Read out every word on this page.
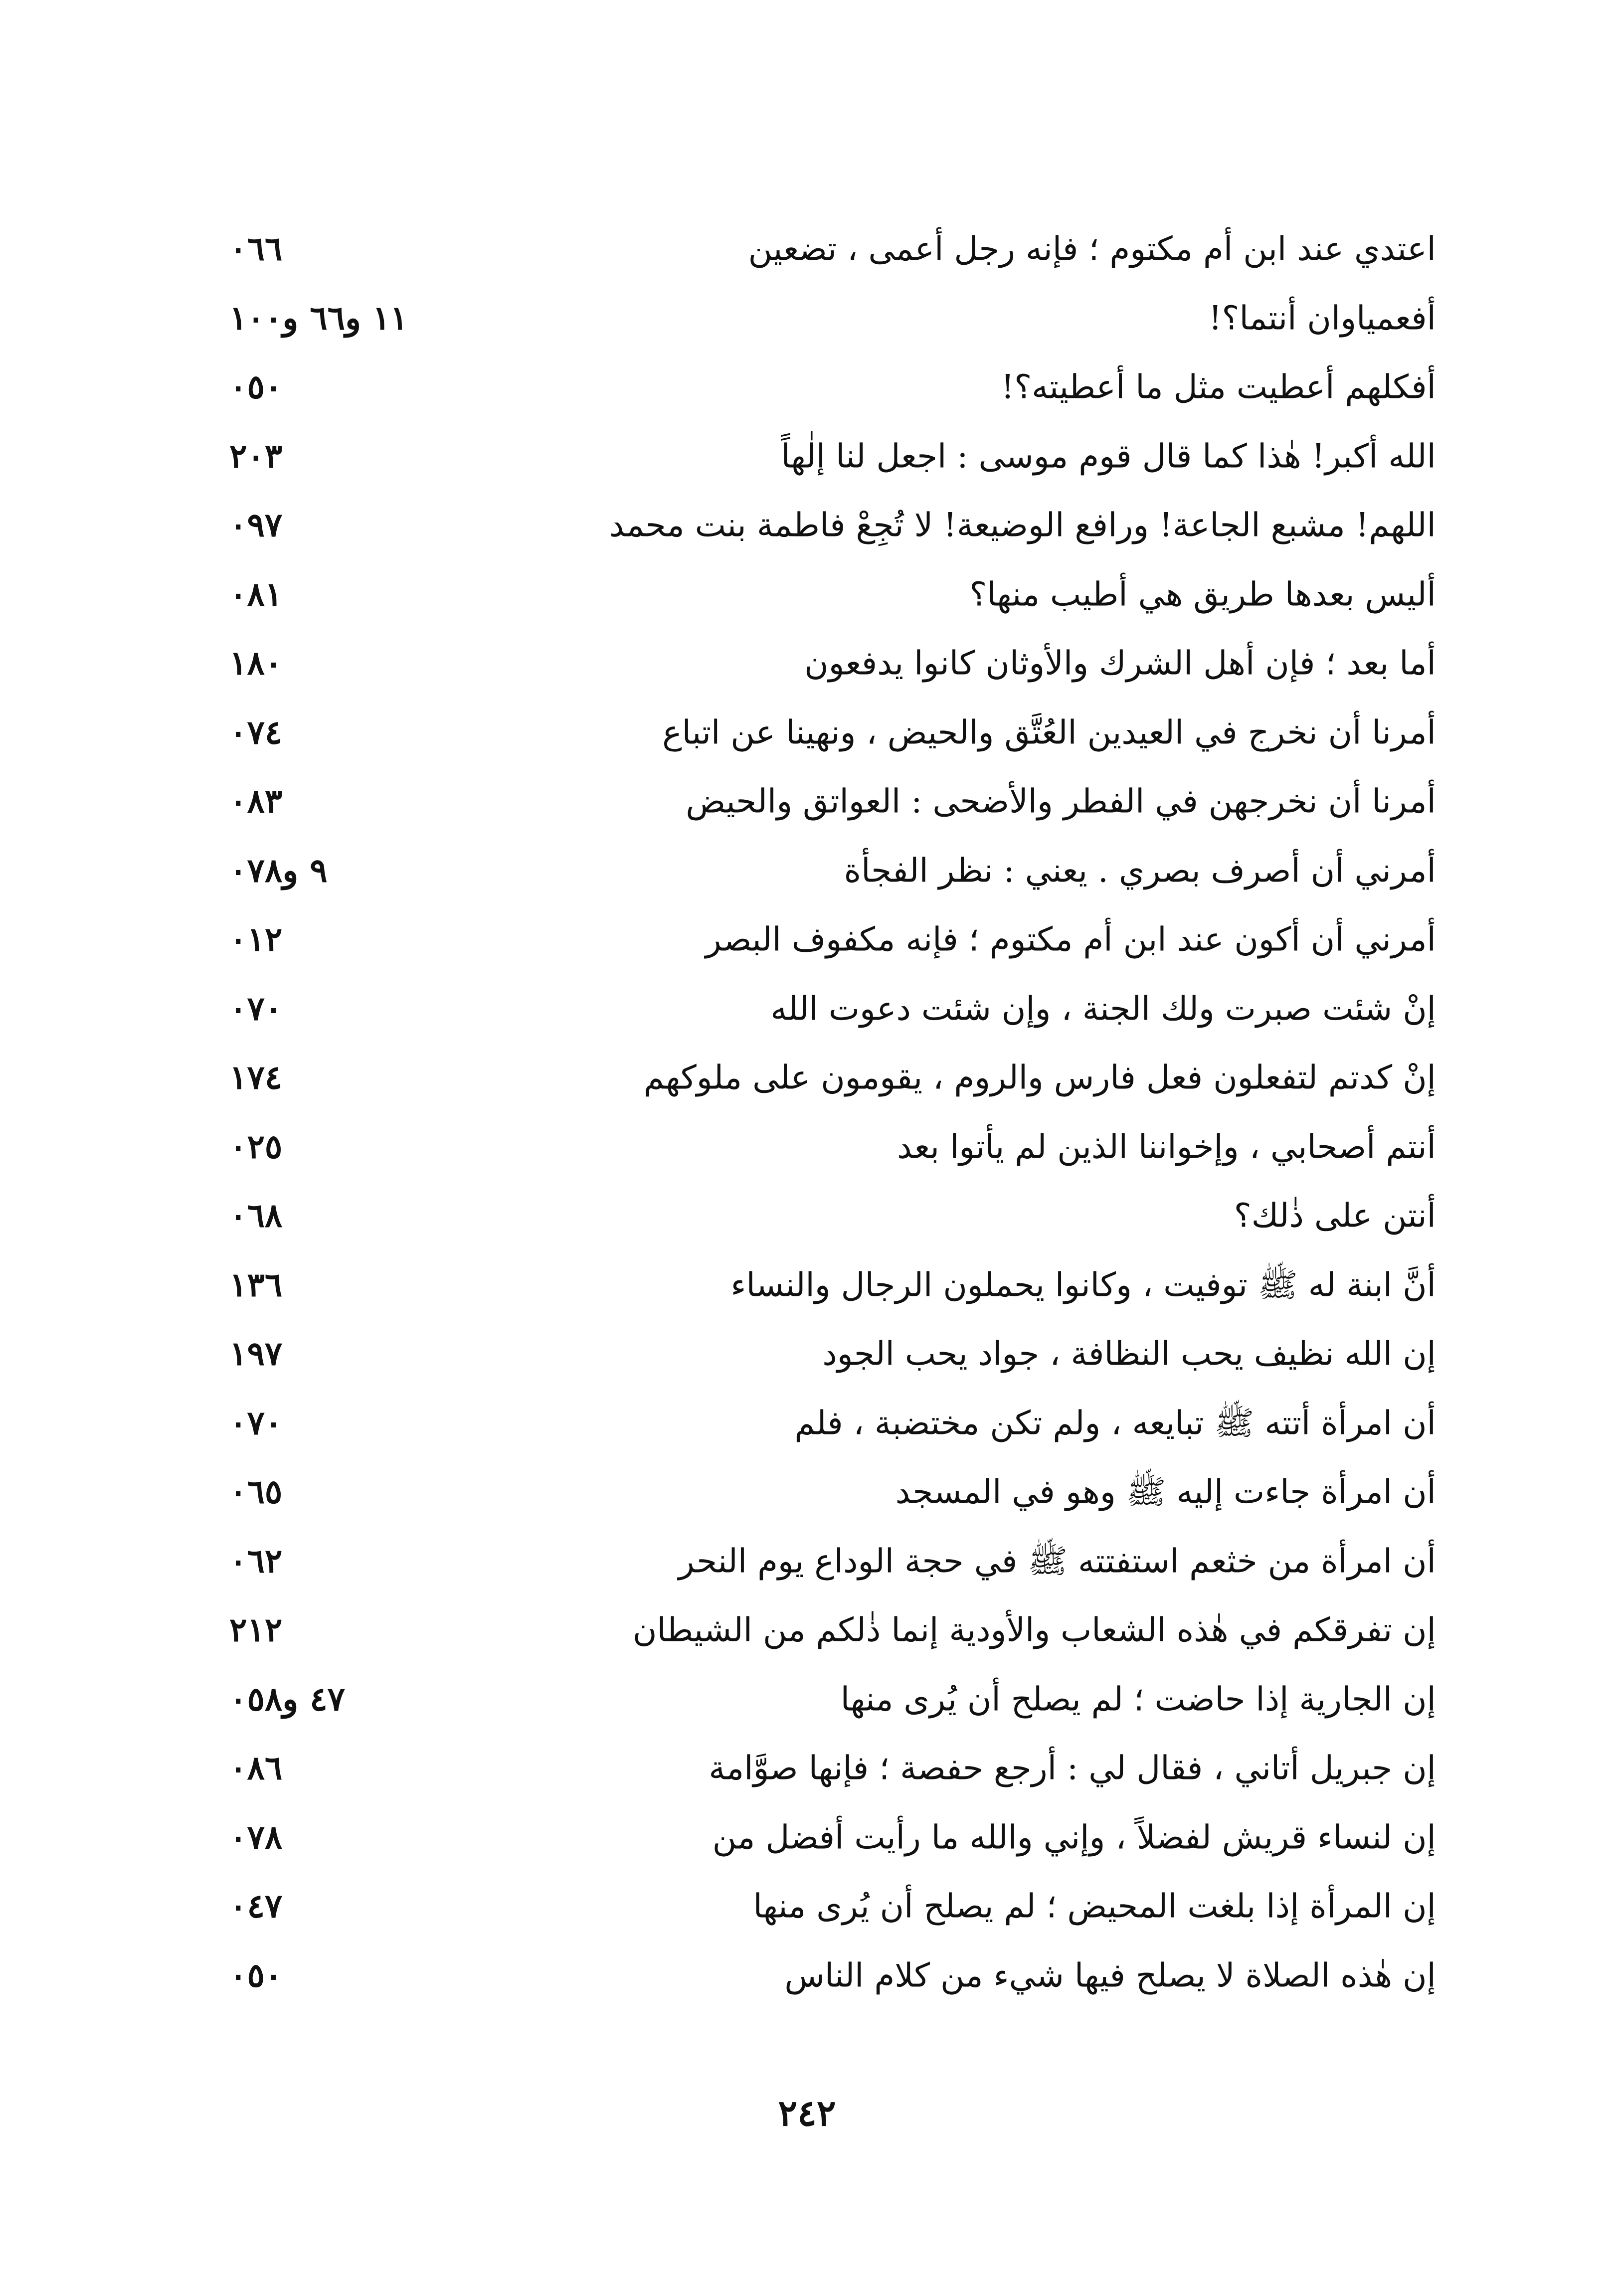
اعتدي عند ابن أم مكتوم ؛ فإنه رجل أعمى ، تضعين
٠٦٦
أفعمياوان أنتما؟!
١١ و٦٦ و١٠٠
أفكلهم أعطيت مثل ما أعطيته؟!
٠٥٠
الله أكبر! هٰذا كما قال قوم موسى : اجعل لنا إلٰهاً
٢٠٣
اللهم! مشبع الجاعة! ورافع الوضيعة! لا تُجِعْ فاطمة بنت محمد
٠٩٧
أليس بعدها طريق هي أطيب منها؟
٠٨١
أما بعد ؛ فإن أهل الشرك والأوثان كانوا يدفعون
١٨٠
أمرنا أن نخرج في العيدين العُتَّق والحيض ، ونهينا عن اتباع
٠٧٤
أمرنا أن نخرجهن في الفطر والأضحى : العواتق والحيض
٠٨٣
أمرني أن أصرف بصري . يعني : نظر الفجأة
٩ و٠٧٨
أمرني أن أكون عند ابن أم مكتوم ؛ فإنه مكفوف البصر
٠١٢
إنْ شئت صبرت ولك الجنة ، وإن شئت دعوت الله
٠٧٠
إنْ كدتم لتفعلون فعل فارس والروم ، يقومون على ملوكهم
١٧٤
أنتم أصحابي ، وإخواننا الذين لم يأتوا بعد
٠٢٥
أنتن على ذٰلك؟
٠٦٨
أنَّ ابنة له ﷺ توفيت ، وكانوا يحملون الرجال والنساء
١٣٦
إن الله نظيف يحب النظافة ، جواد يحب الجود
١٩٧
أن امرأة أتته ﷺ تبايعه ، ولم تكن مختضبة ، فلم
٠٧٠
أن امرأة جاءت إليه ﷺ وهو في المسجد
٠٦٥
أن امرأة من خثعم استفتته ﷺ في حجة الوداع يوم النحر
٠٦٢
إن تفرقكم في هٰذه الشعاب والأودية إنما ذٰلكم من الشيطان
٢١٢
إن الجارية إذا حاضت ؛ لم يصلح أن يُرى منها
٤٧ و٠٥٨
إن جبريل أتاني ، فقال لي : أرجع حفصة ؛ فإنها صوَّامة
٠٨٦
إن لنساء قريش لفضلاً ، وإني والله ما رأيت أفضل من
٠٧٨
إن المرأة إذا بلغت المحيض ؛ لم يصلح أن يُرى منها
٠٤٧
إن هٰذه الصلاة لا يصلح فيها شيء من كلام الناس
٠٥٠
٢٤٢
